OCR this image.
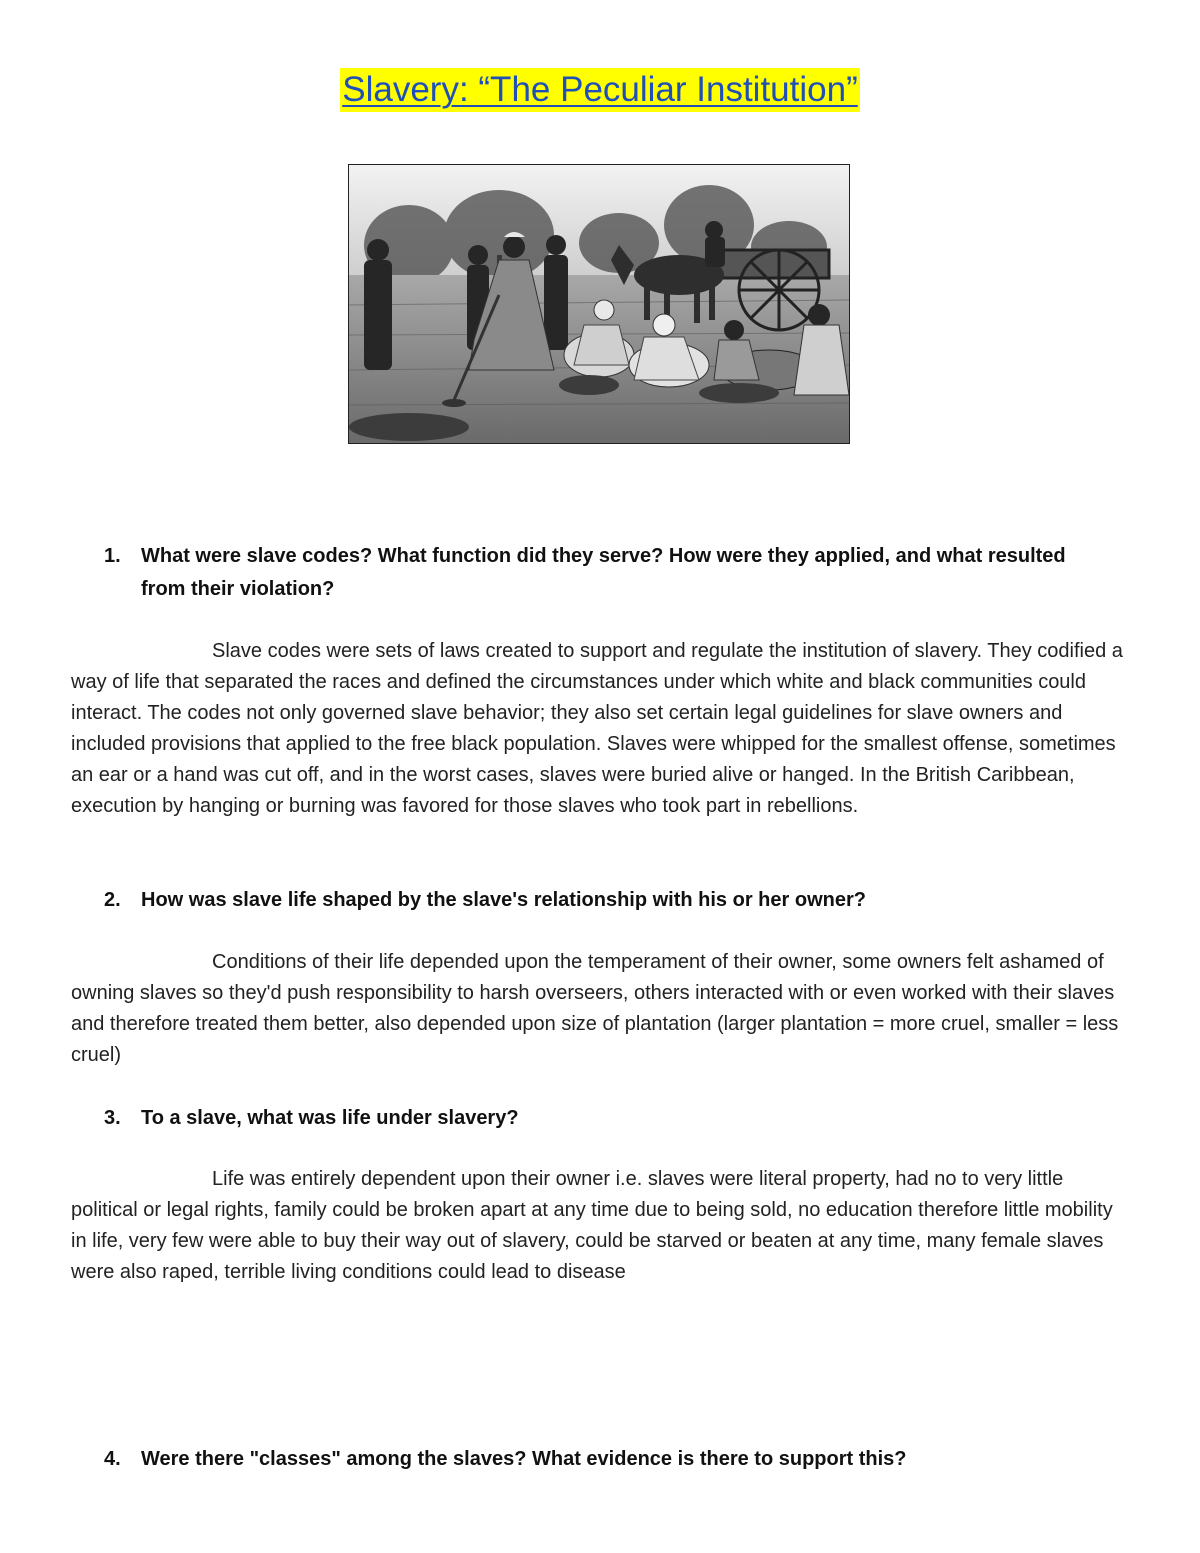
Slavery: “The Peculiar Institution”
1. What were slave codes? What function did they serve? How were they applied, and what resulted from their violation?
Slave codes were sets of laws created to support and regulate the institution of slavery. They codified a way of life that separated the races and defined the circumstances under which white and black communities could interact. The codes not only governed slave behavior; they also set certain legal guidelines for slave owners and included provisions that applied to the free black population. Slaves were whipped for the smallest offense, sometimes an ear or a hand was cut off, and in the worst cases, slaves were buried alive or hanged. In the British Caribbean, execution by hanging or burning was favored for those slaves who took part in rebellions.
2. How was slave life shaped by the slave's relationship with his or her owner?
Conditions of their life depended upon the temperament of their owner, some owners felt ashamed of owning slaves so they'd push responsibility to harsh overseers, others interacted with or even worked with their slaves and therefore treated them better, also depended upon size of plantation (larger plantation = more cruel, smaller = less cruel)
3. To a slave, what was life under slavery?
Life was entirely dependent upon their owner i.e. slaves were literal property, had no to very little political or legal rights, family could be broken apart at any time due to being sold, no education therefore little mobility in life, very few were able to buy their way out of slavery, could be starved or beaten at any time, many female slaves were also raped, terrible living conditions could lead to disease
4. Were there "classes" among the slaves? What evidence is there to support this?
